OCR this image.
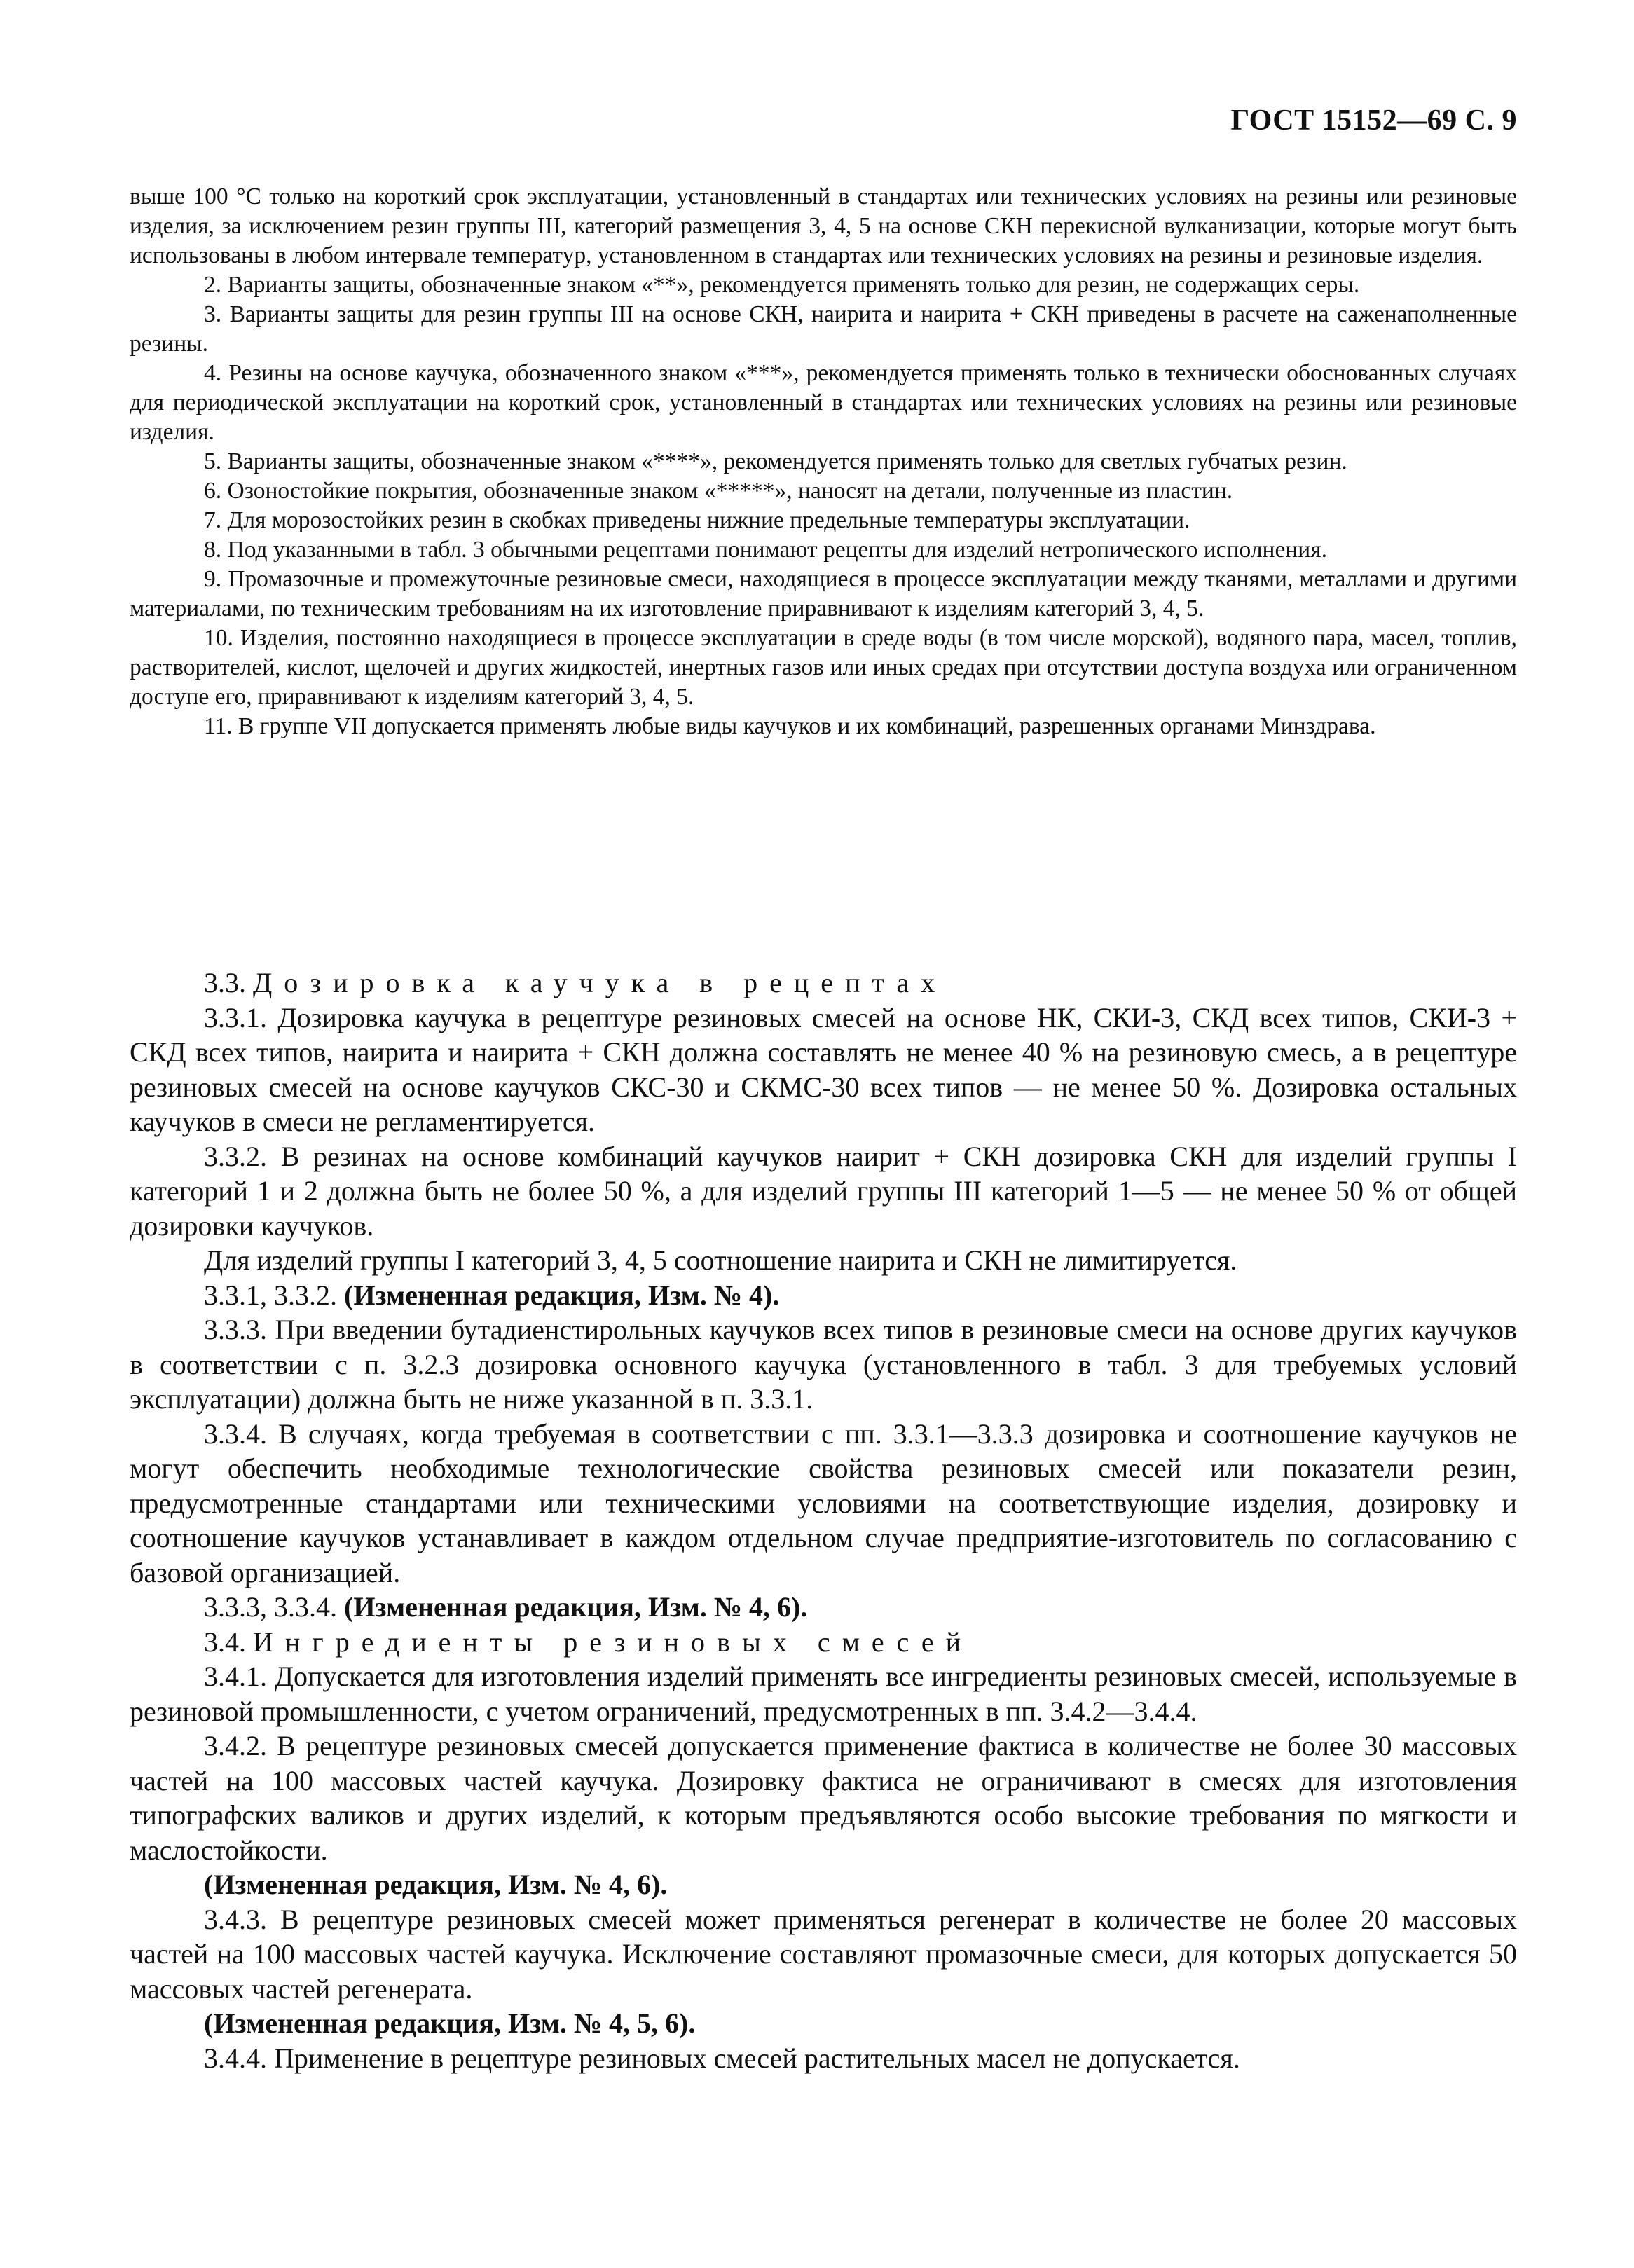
ГОСТ 15152—69 С. 9

выше 100 °С только на короткий срок эксплуатации, установленный в стандартах или технических условиях на резины или резиновые изделия, за исключением резин группы III, категорий размещения 3, 4, 5 на основе СКН перекисной вулканизации, которые могут быть использованы в любом интервале температур, установленном в стандартах или технических условиях на резины и резиновые изделия.

2. Варианты защиты, обозначенные знаком «**», рекомендуется применять только для резин, не содержащих серы.

3. Варианты защиты для резин группы III на основе СКН, наирита и наирита + СКН приведены в расчете на саженаполненные резины.

4. Резины на основе каучука, обозначенного знаком «***», рекомендуется применять только в технически обоснованных случаях для периодической эксплуатации на короткий срок, установленный в стандартах или технических условиях на резины или резиновые изделия.

5. Варианты защиты, обозначенные знаком «****», рекомендуется применять только для светлых губчатых резин.

6. Озоностойкие покрытия, обозначенные знаком «*****», наносят на детали, полученные из пластин.

7. Для морозостойких резин в скобках приведены нижние предельные температуры эксплуатации.

8. Под указанными в табл. 3 обычными рецептами понимают рецепты для изделий нетропического исполнения.

9. Промазочные и промежуточные резиновые смеси, находящиеся в процессе эксплуатации между тканями, металлами и другими материалами, по техническим требованиям на их изготовление приравнивают к изделиям категорий 3, 4, 5.

10. Изделия, постоянно находящиеся в процессе эксплуатации в среде воды (в том числе морской), водяного пара, масел, топлив, растворителей, кислот, щелочей и других жидкостей, инертных газов или иных средах при отсутствии доступа воздуха или ограниченном доступе его, приравнивают к изделиям категорий 3, 4, 5.

11. В группе VII допускается применять любые виды каучуков и их комбинаций, разрешенных органами Минздрава.

3.3. Дозировка каучука в рецептах

3.3.1. Дозировка каучука в рецептуре резиновых смесей на основе НК, СКИ-3, СКД всех типов, СКИ-3 + СКД всех типов, наирита и наирита + СКН должна составлять не менее 40 % на резиновую смесь, а в рецептуре резиновых смесей на основе каучуков СКС-30 и СКМС-30 всех типов — не менее 50 %. Дозировка остальных каучуков в смеси не регламентируется.

3.3.2. В резинах на основе комбинаций каучуков наирит + СКН дозировка СКН для изделий группы I категорий 1 и 2 должна быть не более 50 %, а для изделий группы III категорий 1—5 — не менее 50 % от общей дозировки каучуков.

Для изделий группы I категорий 3, 4, 5 соотношение наирита и СКН не лимитируется.

3.3.1, 3.3.2. (Измененная редакция, Изм. № 4).

3.3.3. При введении бутадиенстирольных каучуков всех типов в резиновые смеси на основе других каучуков в соответствии с п. 3.2.3 дозировка основного каучука (установленного в табл. 3 для требуемых условий эксплуатации) должна быть не ниже указанной в п. 3.3.1.

3.3.4. В случаях, когда требуемая в соответствии с пп. 3.3.1—3.3.3 дозировка и соотношение каучуков не могут обеспечить необходимые технологические свойства резиновых смесей или показатели резин, предусмотренные стандартами или техническими условиями на соответствующие изделия, дозировку и соотношение каучуков устанавливает в каждом отдельном случае предприятие-изготовитель по согласованию с базовой организацией.

3.3.3, 3.3.4. (Измененная редакция, Изм. № 4, 6).

3.4. Ингредиенты резиновых смесей

3.4.1. Допускается для изготовления изделий применять все ингредиенты резиновых смесей, используемые в резиновой промышленности, с учетом ограничений, предусмотренных в пп. 3.4.2—3.4.4.

3.4.2. В рецептуре резиновых смесей допускается применение фактиса в количестве не более 30 массовых частей на 100 массовых частей каучука. Дозировку фактиса не ограничивают в смесях для изготовления типографских валиков и других изделий, к которым предъявляются особо высокие требования по мягкости и маслостойкости.

(Измененная редакция, Изм. № 4, 6).

3.4.3. В рецептуре резиновых смесей может применяться регенерат в количестве не более 20 массовых частей на 100 массовых частей каучука. Исключение составляют промазочные смеси, для которых допускается 50 массовых частей регенерата.

(Измененная редакция, Изм. № 4, 5, 6).

3.4.4. Применение в рецептуре резиновых смесей растительных масел не допускается.
